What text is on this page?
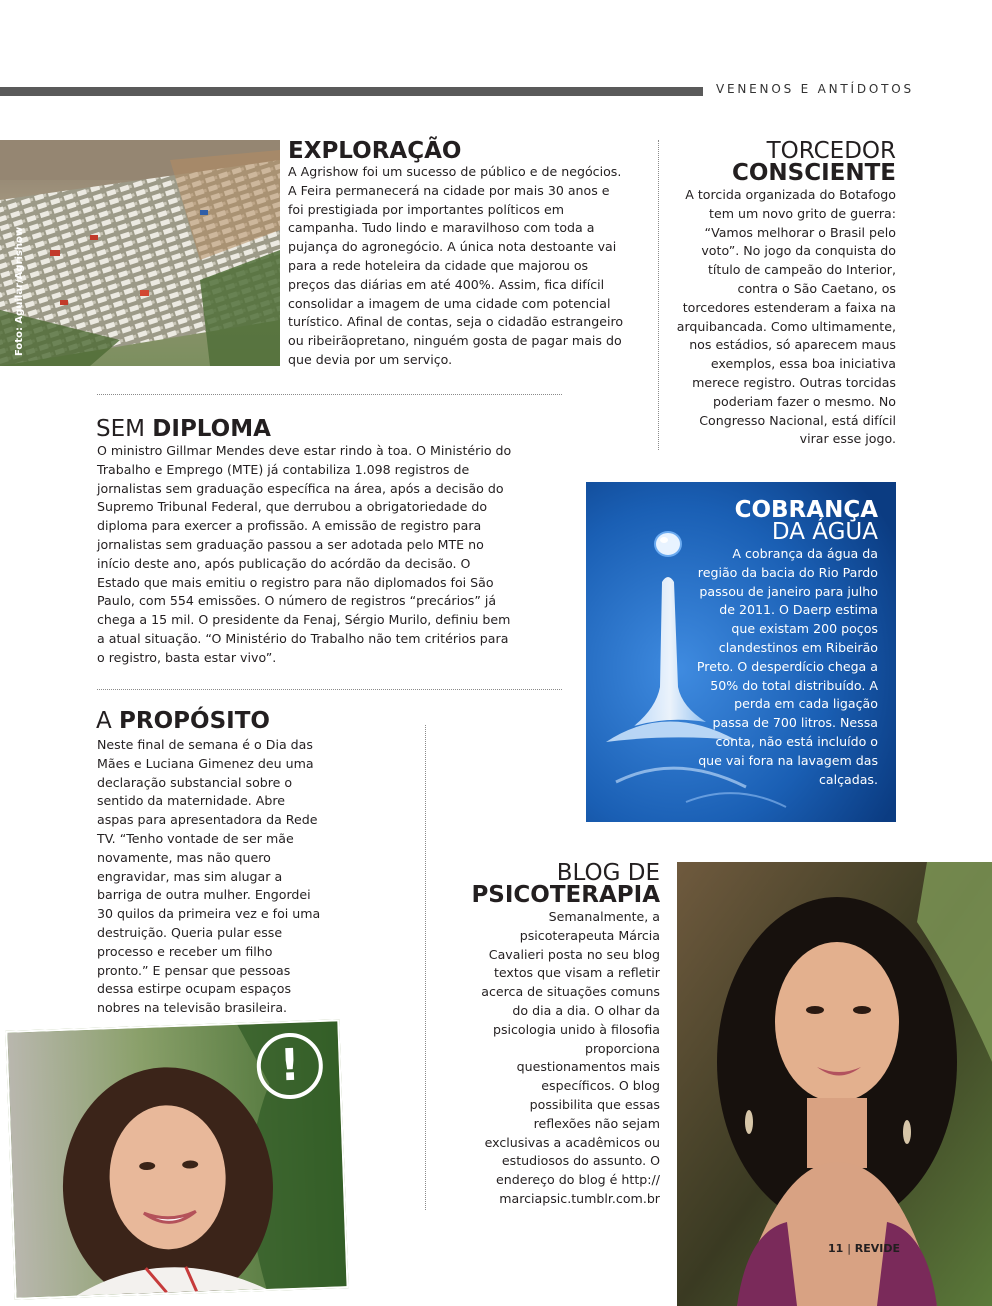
VENENOS E ANTÍDOTOS
Foto: Aguilar/Agrishow
EXPLORAÇÃO
A Agrishow foi um sucesso de público e de negócios. A Feira permanecerá na cidade por mais 30 anos e foi prestigiada por importantes políticos em campanha. Tudo lindo e maravilhoso com toda a pujança do agronegócio. A única nota destoante vai para a rede hoteleira da cidade que majorou os preços das diárias em até 400%. Assim, fica difícil consolidar a imagem de uma cidade com potencial turístico. Afinal de contas, seja o cidadão estrangeiro ou ribeirãopretano, ninguém gosta de pagar mais do que devia por um serviço.
TORCEDOR
CONSCIENTE
A torcida organizada do Botafogo tem um novo grito de guerra: “Vamos melhorar o Brasil pelo voto”. No jogo da conquista do título de campeão do Interior, contra o São Caetano, os torcedores estenderam a faixa na arquibancada. Como ultimamente, nos estádios, só aparecem maus exemplos, essa boa iniciativa merece registro. Outras torcidas poderiam fazer o mesmo. No Congresso Nacional, está difícil virar esse jogo.
SEM DIPLOMA
O ministro Gillmar Mendes deve estar rindo à toa. O Ministério do Trabalho e Emprego (MTE) já contabiliza 1.098 registros de jornalistas sem graduação específica na área, após a decisão do Supremo Tribunal Federal, que derrubou a obrigatoriedade do diploma para exercer a profissão. A emissão de registro para jornalistas sem graduação passou a ser adotada pelo MTE no início deste ano, após publicação do acórdão da decisão. O Estado que mais emitiu o registro para não diplomados foi São Paulo, com 554 emissões. O número de registros “precários” já chega a 15 mil. O presidente da Fenaj, Sérgio Murilo, definiu bem a atual situação. “O Ministério do Trabalho não tem critérios para o registro, basta estar vivo”.
COBRANÇA
DA ÁGUA
A cobrança da água da região da bacia do Rio Pardo passou de janeiro para julho de 2011. O Daerp estima que existam 200 poços clandestinos em Ribeirão Preto. O desperdício chega a 50% do total distribuído. A perda em cada ligação passa de 700 litros. Nessa conta, não está incluído o que vai fora na lavagem das calçadas.
A PROPÓSITO
Neste final de semana é o Dia das Mães e Luciana Gimenez deu uma declaração substancial sobre o sentido da maternidade. Abre aspas para apresentadora da Rede TV. “Tenho vontade de ser mãe novamente, mas não quero engravidar, mas sim alugar a barriga de outra mulher. Engordei 30 quilos da primeira vez e foi uma destruição. Queria pular esse processo e receber um filho pronto.” E pensar que pessoas dessa estirpe ocupam espaços nobres na televisão brasileira.
!
BLOG DE
PSICOTERAPIA
Semanalmente, a psicoterapeuta Márcia Cavalieri posta no seu blog textos que visam a refletir acerca de situações comuns do dia a dia. O olhar da psicologia unido à filosofia proporciona questionamentos mais específicos. O blog possibilita que essas reflexões não sejam exclusivas a acadêmicos ou estudiosos do assunto. O endereço do blog é http:// marciapsic.tumblr.com.br
11 | REVIDE
